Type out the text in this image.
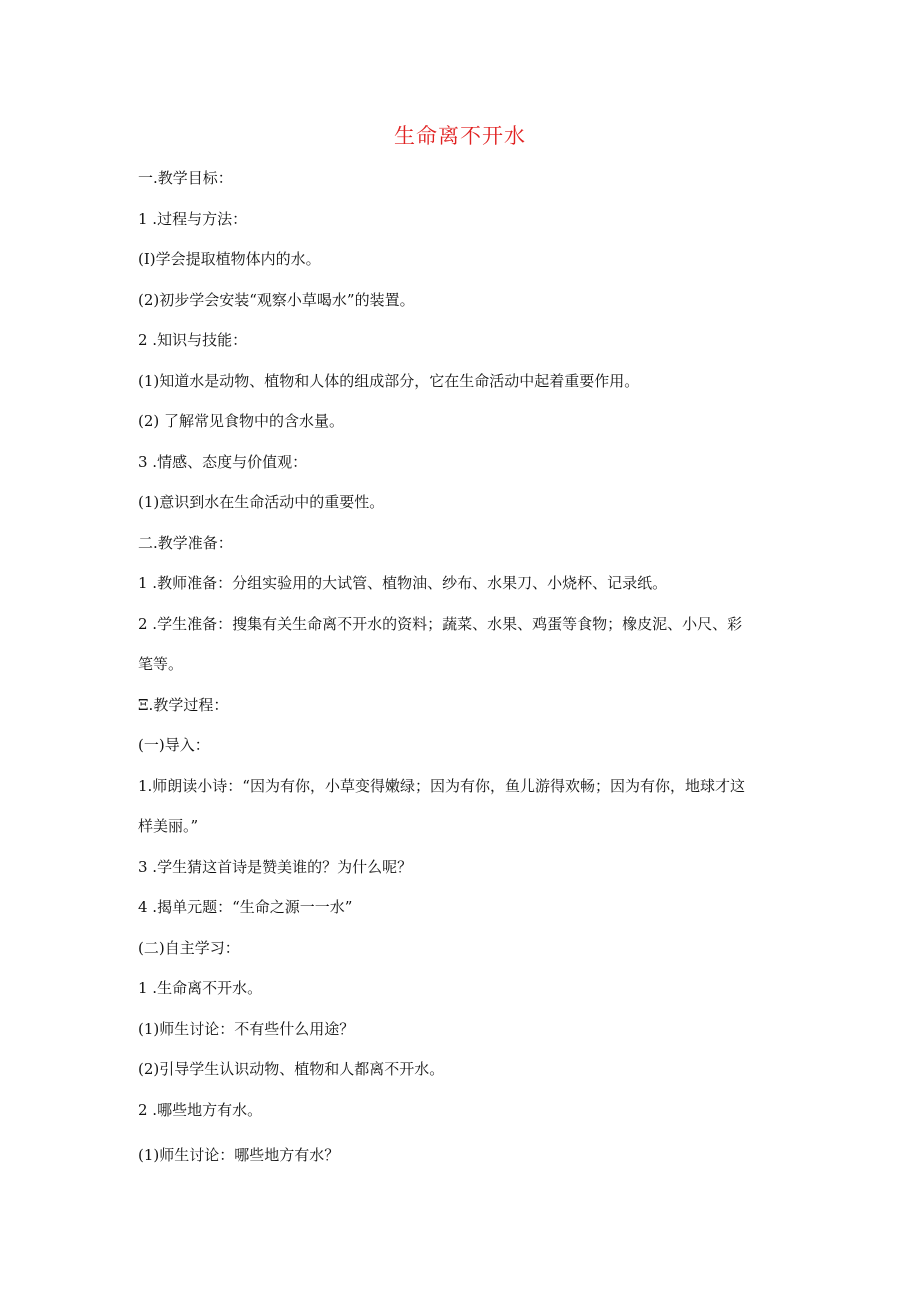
生命离不开水
一.教学目标：
1 .过程与方法：
(I)学会提取植物体内的水。
(2)初步学会安装“观察小草喝水”的装置。
2 .知识与技能：
(1)知道水是动物、植物和人体的组成部分，它在生命活动中起着重要作用。
(2) 了解常见食物中的含水量。
3 .情感、态度与价值观：
(1)意识到水在生命活动中的重要性。
二.教学准备：
1 .教师准备：分组实验用的大试管、植物油、纱布、水果刀、小烧杯、记录纸。
2 .学生准备：搜集有关生命离不开水的资料；蔬菜、水果、鸡蛋等食物；橡皮泥、小尺、彩
笔等。
Ξ.教学过程：
(一)导入：
1.师朗读小诗：“因为有你，小草变得嫩绿；因为有你，鱼儿游得欢畅；因为有你，地球才这
样美丽。”
3 .学生猜这首诗是赞美谁的？为什么呢？
4 .揭单元题：“生命之源一一水”
(二)自主学习：
1 .生命离不开水。
(1)师生讨论：不有些什么用途？
(2)引导学生认识动物、植物和人都离不开水。
2 .哪些地方有水。
(1)师生讨论：哪些地方有水？
